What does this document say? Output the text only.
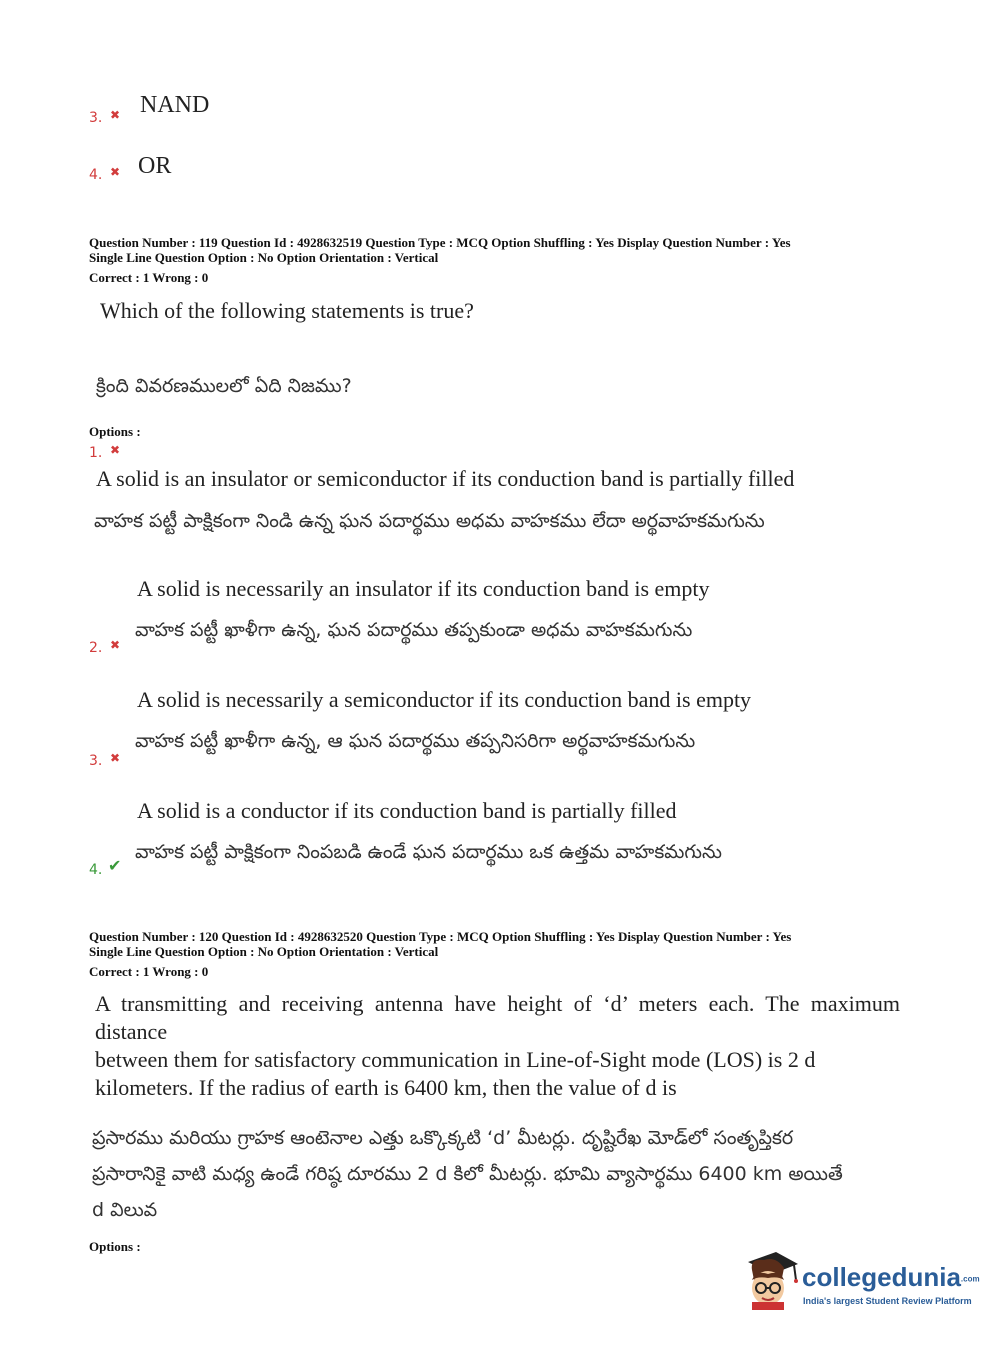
3. ✖ NAND
4. ✖ OR
Question Number : 119 Question Id : 4928632519 Question Type : MCQ Option Shuffling : Yes Display Question Number : Yes
Single Line Question Option : No Option Orientation : Vertical
Correct : 1 Wrong : 0
Which of the following statements is true?
క్రింది వివరణములలో ఏది నిజము?
Options :
1. ✖
A solid is an insulator or semiconductor if its conduction band is partially filled
వాహక పట్టీ పాక్షికంగా నిండి ఉన్న ఘన పదార్థము అధమ వాహకము లేదా అర్థవాహకమగును
A solid is necessarily an insulator if its conduction band is empty
వాహక పట్టీ ఖాళీగా ఉన్న, ఘన పదార్థము తప్పకుండా అధమ వాహకమగును
2. ✖
A solid is necessarily a semiconductor if its conduction band is empty
వాహక పట్టీ ఖాళీగా ఉన్న, ఆ ఘన పదార్థము తప్పనిసరిగా అర్థవాహకమగును
3. ✖
A solid is a conductor if its conduction band is partially filled
వాహక పట్టీ పాక్షికంగా నింపబడి ఉండే ఘన పదార్థము ఒక ఉత్తమ వాహకమగును
4. ✔
Question Number : 120 Question Id : 4928632520 Question Type : MCQ Option Shuffling : Yes Display Question Number : Yes
Single Line Question Option : No Option Orientation : Vertical
Correct : 1 Wrong : 0
A transmitting and receiving antenna have height of ‘d’ meters each. The maximum distance
between them for satisfactory communication in Line-of-Sight mode (LOS) is 2 d
kilometers. If the radius of earth is 6400 km, then the value of d is
ప్రసారము మరియు గ్రాహక ఆంటెనాల ఎత్తు ఒక్కొక్కటి ‘d’ మీటర్లు. దృష్టిరేఖ మోడ్‌లో సంతృప్తికర
ప్రసారానికై వాటి మధ్య ఉండే గరిష్ఠ దూరము 2 d కిలో మీటర్లు. భూమి వ్యాసార్థము 6400 km అయితే
d విలువ
Options :
collegedunia.com
India's largest Student Review Platform
